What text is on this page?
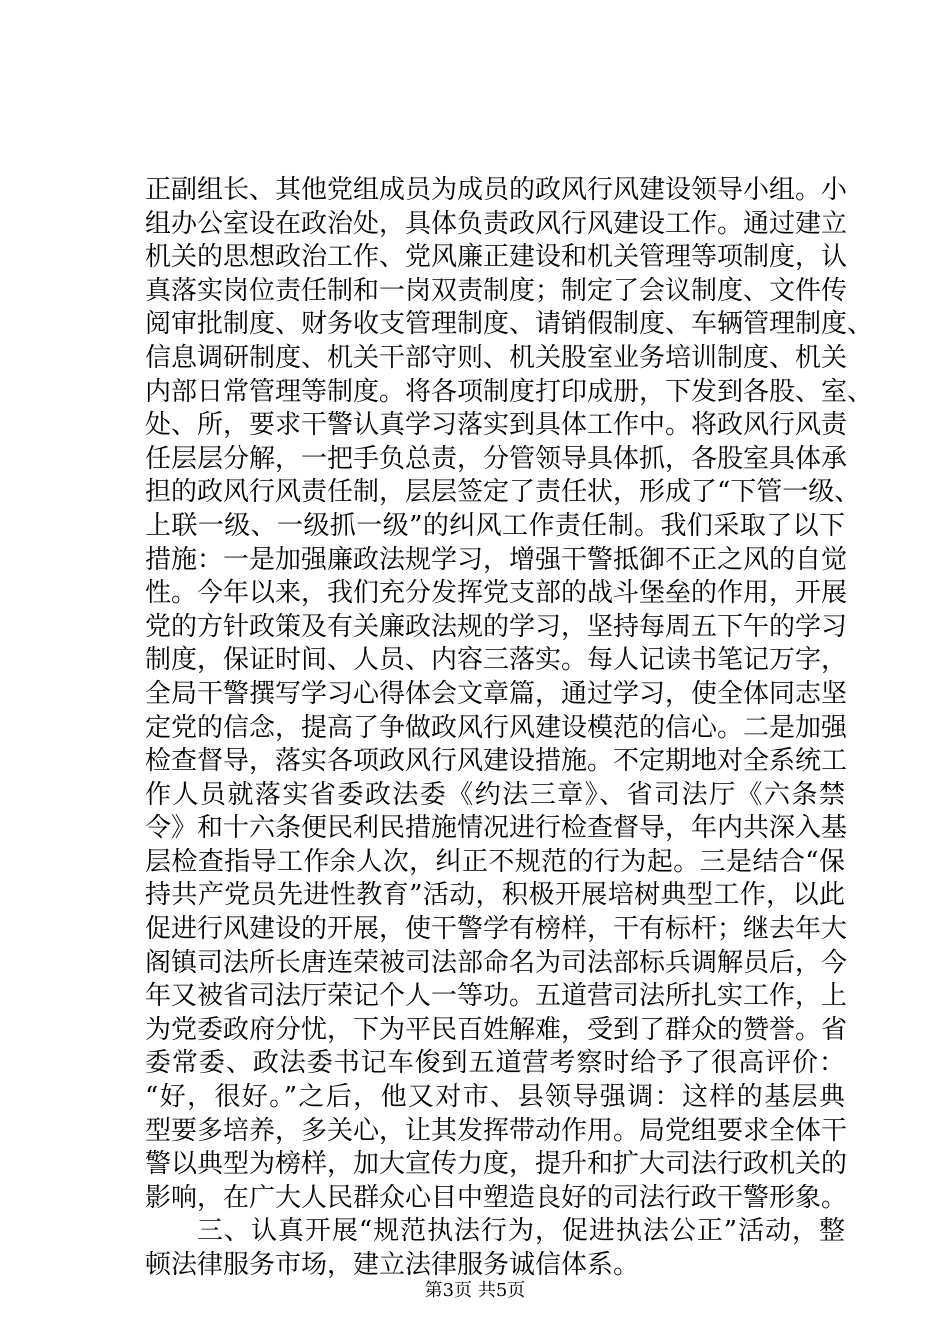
正副组长、其他党组成员为成员的政风行风建设领导小组。小
组办公室设在政治处，具体负责政风行风建设工作。通过建立
机关的思想政治工作、党风廉正建设和机关管理等项制度，认
真落实岗位责任制和一岗双责制度；制定了会议制度、文件传
阅审批制度、财务收支管理制度、请销假制度、车辆管理制度、
信息调研制度、机关干部守则、机关股室业务培训制度、机关
内部日常管理等制度。将各项制度打印成册，下发到各股、室、
处、所，要求干警认真学习落实到具体工作中。将政风行风责
任层层分解，一把手负总责，分管领导具体抓，各股室具体承
担的政风行风责任制，层层签定了责任状，形成了“下管一级、
上联一级、一级抓一级”的纠风工作责任制。我们采取了以下
措施：一是加强廉政法规学习，增强干警抵御不正之风的自觉
性。今年以来，我们充分发挥党支部的战斗堡垒的作用，开展
党的方针政策及有关廉政法规的学习，坚持每周五下午的学习
制度，保证时间、人员、内容三落实。每人记读书笔记万字，
全局干警撰写学习心得体会文章篇，通过学习，使全体同志坚
定党的信念，提高了争做政风行风建设模范的信心。二是加强
检查督导，落实各项政风行风建设措施。不定期地对全系统工
作人员就落实省委政法委《约法三章》、省司法厅《六条禁
令》和十六条便民利民措施情况进行检查督导，年内共深入基
层检查指导工作余人次，纠正不规范的行为起。三是结合“保
持共产党员先进性教育”活动，积极开展培树典型工作，以此
促进行风建设的开展，使干警学有榜样，干有标杆；继去年大
阁镇司法所长唐连荣被司法部命名为司法部标兵调解员后，今
年又被省司法厅荣记个人一等功。五道营司法所扎实工作，上
为党委政府分忧，下为平民百姓解难，受到了群众的赞誉。省
委常委、政法委书记车俊到五道营考察时给予了很高评价：
“好，很好。”之后，他又对市、县领导强调：这样的基层典
型要多培养，多关心，让其发挥带动作用。局党组要求全体干
警以典型为榜样，加大宣传力度，提升和扩大司法行政机关的
影响，在广大人民群众心目中塑造良好的司法行政干警形象。
三、认真开展“规范执法行为，促进执法公正”活动，整
顿法律服务市场，建立法律服务诚信体系。
第3页 共5页
